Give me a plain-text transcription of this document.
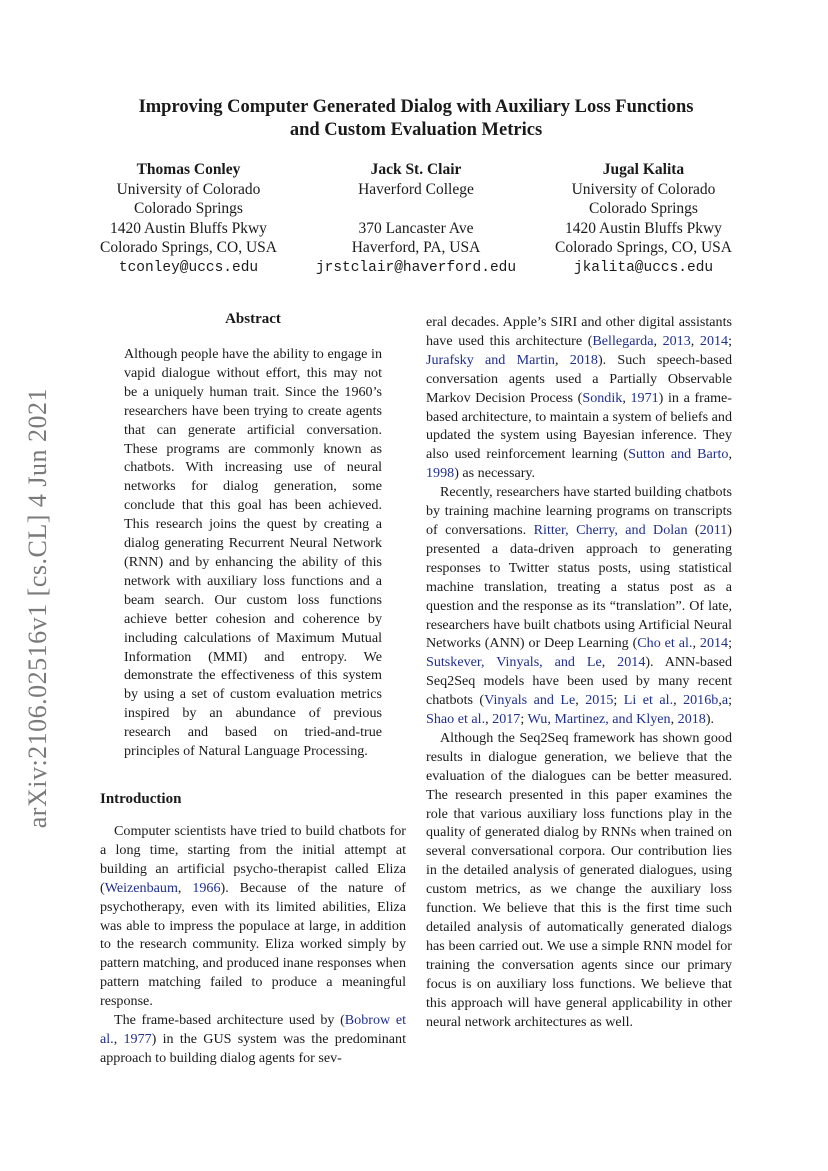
arXiv:2106.02516v1 [cs.CL] 4 Jun 2021
Improving Computer Generated Dialog with Auxiliary Loss Functions
and Custom Evaluation Metrics
Thomas Conley
University of Colorado
Colorado Springs
1420 Austin Bluffs Pkwy
Colorado Springs, CO, USA
tconley@uccs.edu
Jack St. Clair
Haverford College
370 Lancaster Ave
Haverford, PA, USA
jrstclair@haverford.edu
Jugal Kalita
University of Colorado
Colorado Springs
1420 Austin Bluffs Pkwy
Colorado Springs, CO, USA
jkalita@uccs.edu
Abstract

Although people have the ability to engage in vapid dialogue without effort, this may not be a uniquely human trait. Since the 1960’s researchers have been trying to create agents that can generate artificial conversation. These programs are commonly known as chatbots. With increasing use of neural networks for dialog generation, some conclude that this goal has been achieved. This research joins the quest by creating a dialog generating Recurrent Neural Network (RNN) and by enhancing the ability of this network with auxiliary loss functions and a beam search. Our custom loss functions achieve better cohesion and coherence by including calculations of Maximum Mutual Information (MMI) and entropy. We demonstrate the effectiveness of this system by using a set of custom evaluation metrics inspired by an abundance of previous research and based on tried-and-true principles of Natural Language Processing.

Introduction

Computer scientists have tried to build chatbots for a long time, starting from the initial attempt at building an artificial psycho-therapist called Eliza (Weizenbaum, 1966). Because of the nature of psychotherapy, even with its limited abilities, Eliza was able to impress the populace at large, in addition to the research community. Eliza worked simply by pattern matching, and produced inane responses when pattern matching failed to produce a meaningful response.

The frame-based architecture used by (Bobrow et al., 1977) in the GUS system was the predominant approach to building dialog agents for sev-

eral decades. Apple’s SIRI and other digital assistants have used this architecture (Bellegarda, 2013, 2014; Jurafsky and Martin, 2018). Such speech-based conversation agents used a Partially Observable Markov Decision Process (Sondik, 1971) in a frame-based architecture, to maintain a system of beliefs and updated the system using Bayesian inference. They also used reinforcement learning (Sutton and Barto, 1998) as necessary.

Recently, researchers have started building chatbots by training machine learning programs on transcripts of conversations. Ritter, Cherry, and Dolan (2011) presented a data-driven approach to generating responses to Twitter status posts, using statistical machine translation, treating a status post as a question and the response as its “translation”. Of late, researchers have built chatbots using Artificial Neural Networks (ANN) or Deep Learning (Cho et al., 2014; Sutskever, Vinyals, and Le, 2014). ANN-based Seq2Seq models have been used by many recent chatbots (Vinyals and Le, 2015; Li et al., 2016b,a; Shao et al., 2017; Wu, Martinez, and Klyen, 2018).

Although the Seq2Seq framework has shown good results in dialogue generation, we believe that the evaluation of the dialogues can be better measured. The research presented in this paper examines the role that various auxiliary loss functions play in the quality of generated dialog by RNNs when trained on several conversational corpora. Our contribution lies in the detailed analysis of generated dialogues, using custom metrics, as we change the auxiliary loss function. We believe that this is the first time such detailed analysis of automatically generated dialogs has been carried out. We use a simple RNN model for training the conversation agents since our primary focus is on auxiliary loss functions. We believe that this approach will have general applicability in other neural network architectures as well.
